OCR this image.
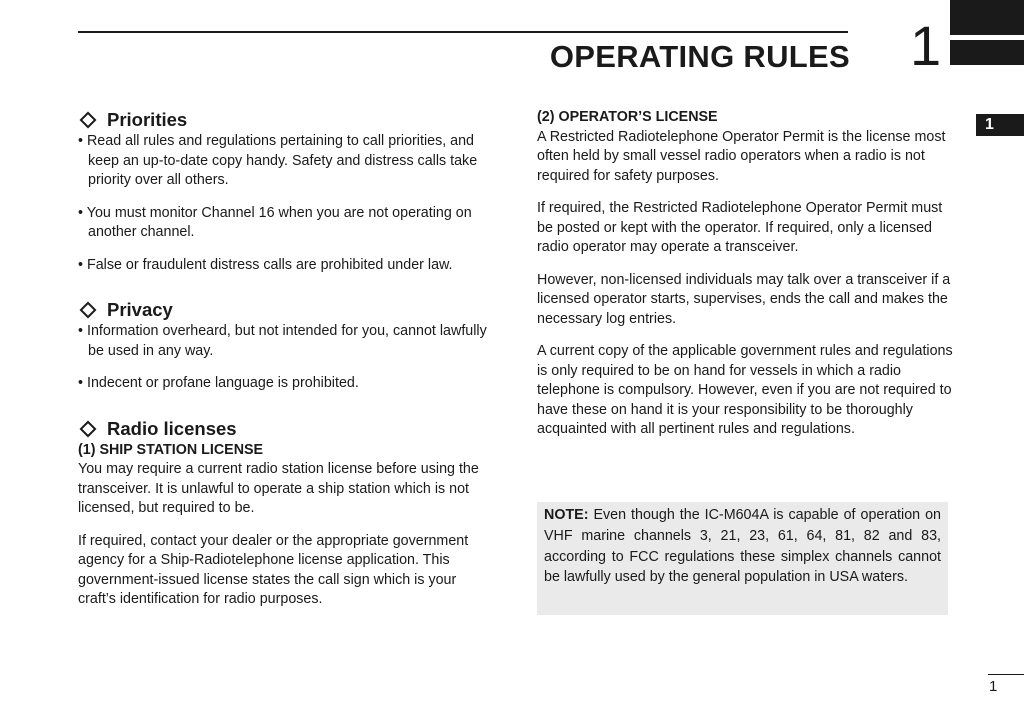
OPERATING RULES 1
1
Priorities

• Read all rules and regulations pertaining to call priorities, and keep an up-to-date copy handy. Safety and distress calls take priority over all others.

• You must monitor Channel 16 when you are not operating on another channel.

• False or fraudulent distress calls are prohibited under law.

Privacy

• Information overheard, but not intended for you, cannot lawfully be used in any way.

• Indecent or profane language is prohibited.

Radio licenses
(1) SHIP STATION LICENSE

You may require a current radio station license before using the transceiver. It is unlawful to operate a ship station which is not licensed, but required to be.

If required, contact your dealer or the appropriate government agency for a Ship-Radiotelephone license application. This government-issued license states the call sign which is your craft’s identification for radio purposes.

(2) OPERATOR’S LICENSE

A Restricted Radiotelephone Operator Permit is the license most often held by small vessel radio operators when a radio is not required for safety purposes.

If required, the Restricted Radiotelephone Operator Permit must be posted or kept with the operator. If required, only a licensed radio operator may operate a transceiver.

However, non-licensed individuals may talk over a transceiver if a licensed operator starts, supervises, ends the call and makes the necessary log entries.

A current copy of the applicable government rules and regulations is only required to be on hand for vessels in which a radio telephone is compulsory. However, even if you are not required to have these on hand it is your responsibility to be thoroughly acquainted with all pertinent rules and regulations.

NOTE: Even though the IC-M604A is capable of operation on VHF marine channels 3, 21, 23, 61, 64, 81, 82 and 83, according to FCC regulations these simplex channels cannot be lawfully used by the general population in USA waters.
1
